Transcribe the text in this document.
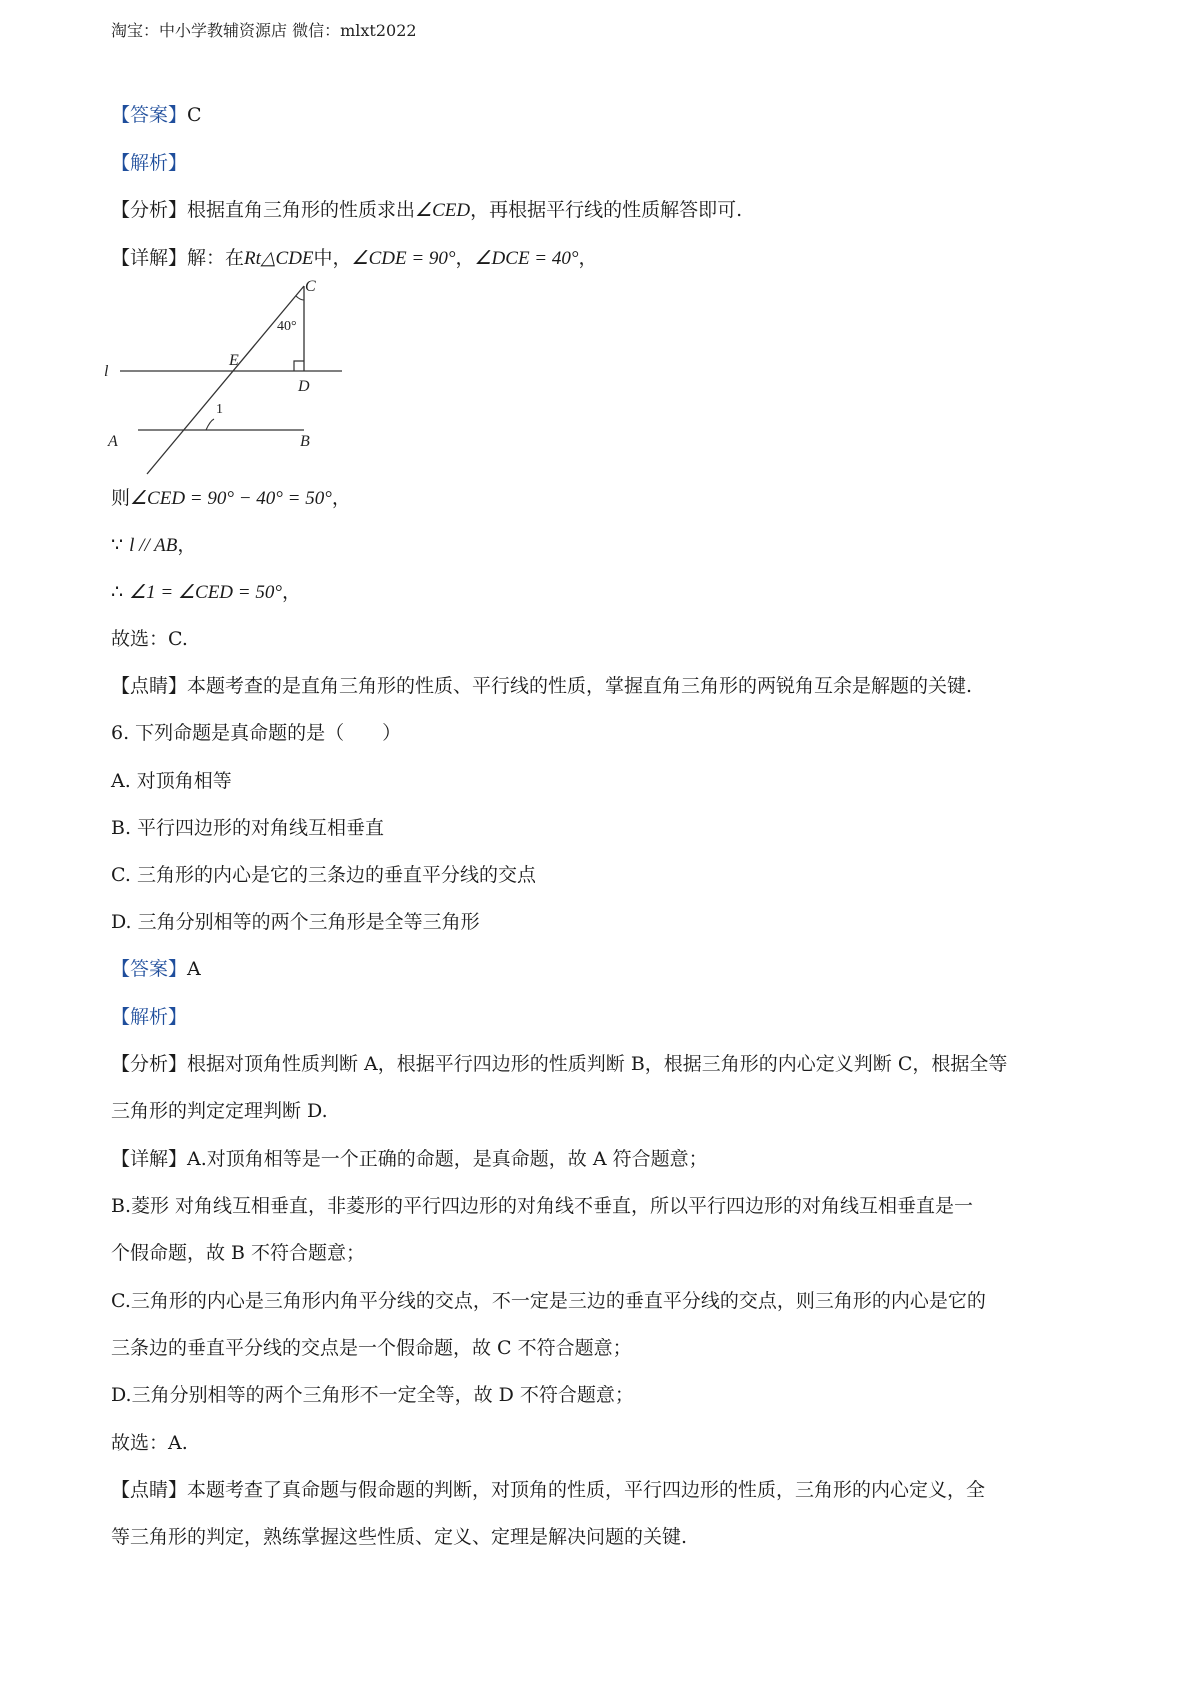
淘宝：中小学教辅资源店 微信：mlxt2022
【答案】C
【解析】
【分析】根据直角三角形的性质求出∠CED，再根据平行线的性质解答即可.
【详解】解：在Rt△CDE中，∠CDE = 90°，∠DCE = 40°，
C
40°
E
D
l
1
A	B
则∠CED = 90° − 40° = 50°，
∵ l // AB，
∴ ∠1 = ∠CED = 50°，
故选：C.
【点睛】本题考查的是直角三角形的性质、平行线的性质，掌握直角三角形的两锐角互余是解题的关键.
6. 下列命题是真命题的是（　　）
A. 对顶角相等
B. 平行四边形的对角线互相垂直
C. 三角形的内心是它的三条边的垂直平分线的交点
D. 三角分别相等的两个三角形是全等三角形
【答案】A
【解析】
【分析】根据对顶角性质判断 A，根据平行四边形的性质判断 B，根据三角形的内心定义判断 C，根据全等
三角形的判定定理判断 D.
【详解】A.对顶角相等是一个正确的命题，是真命题，故 A 符合题意；
B.菱形 对角线互相垂直，非菱形的平行四边形的对角线不垂直，所以平行四边形的对角线互相垂直是一
个假命题，故 B 不符合题意；
C.三角形的内心是三角形内角平分线的交点，不一定是三边的垂直平分线的交点，则三角形的内心是它的
三条边的垂直平分线的交点是一个假命题，故 C 不符合题意；
D.三角分别相等的两个三角形不一定全等，故 D 不符合题意；
故选：A.
【点睛】本题考查了真命题与假命题的判断，对顶角的性质，平行四边形的性质，三角形的内心定义，全
等三角形的判定，熟练掌握这些性质、定义、定理是解决问题的关键.
